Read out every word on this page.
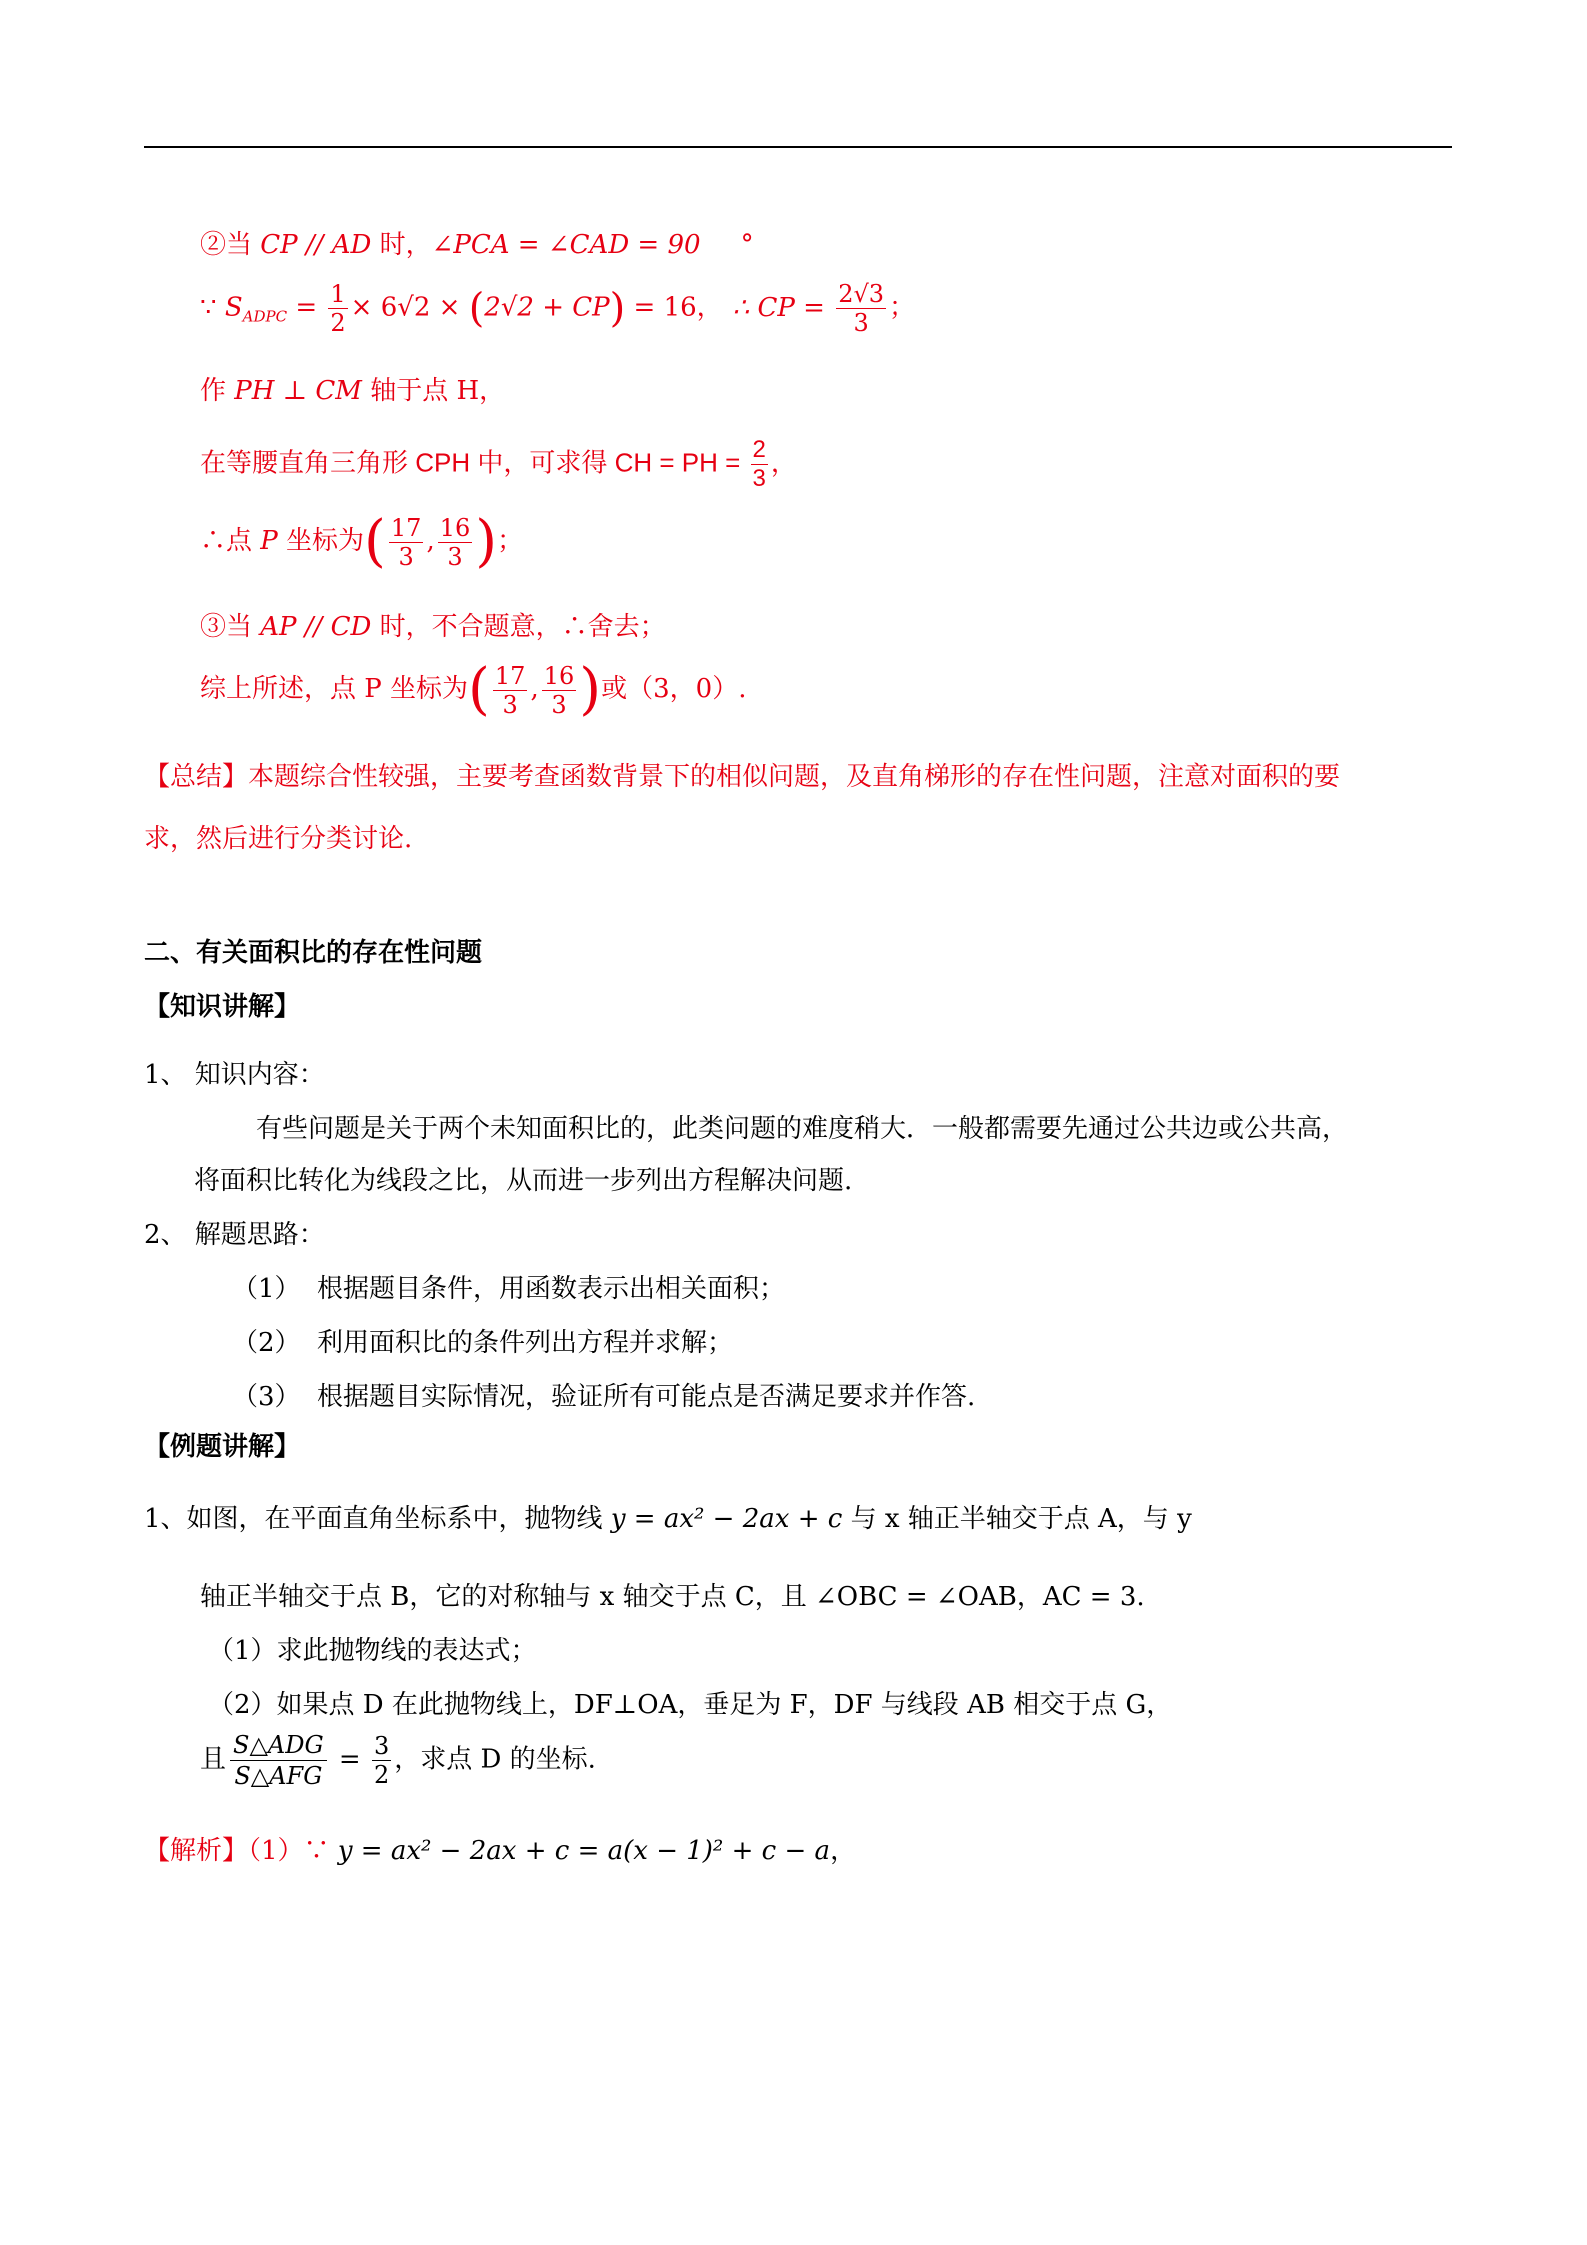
②当 CP // AD 时，∠PCA = ∠CAD = 90 °
∵ $S_{ADPC} = \frac{1}{2} \times 6√2 \times (2√2 + CP) = 16$， ∴ CP = $\frac{2√3}{3}$ ；
作 PH ⊥ CM 轴于点 H，
在等腰直角三角形 CPH 中，可求得 CH = PH = $\frac{2}{3}$ ，
∴点 P 坐标为( $\frac{17}{3}$ , $\frac{16}{3}$ )；
③当 AP // CD 时，不合题意，∴舍去；
综上所述，点 P 坐标为( $\frac{17}{3}$ , $\frac{16}{3}$ )或（3，0）.
【总结】本题综合性较强，主要考查函数背景下的相似问题，及直角梯形的存在性问题，注意对面积的要
求，然后进行分类讨论.
二、有关面积比的存在性问题
【知识讲解】
1、 知识内容：
有些问题是关于两个未知面积比的，此类问题的难度稍大．一般都需要先通过公共边或公共高，
将面积比转化为线段之比，从而进一步列出方程解决问题.
2、 解题思路：
（1） 根据题目条件，用函数表示出相关面积；
（2） 利用面积比的条件列出方程并求解；
（3） 根据题目实际情况，验证所有可能点是否满足要求并作答.
【例题讲解】
1、如图，在平面直角坐标系中，抛物线 y = ax² − 2ax + c 与 x 轴正半轴交于点 A，与 y
轴正半轴交于点 B，它的对称轴与 x 轴交于点 C，且 ∠OBC = ∠OAB，AC = 3.
（1）求此抛物线的表达式；
（2）如果点 D 在此抛物线上，DF⊥OA，垂足为 F，DF 与线段 AB 相交于点 G，
且 S△ADG
S△AFG
= $\frac{3}{2}$ ，求点 D 的坐标.
【解析】（1）∵ y = ax² − 2ax + c = a(x − 1)² + c − a，
